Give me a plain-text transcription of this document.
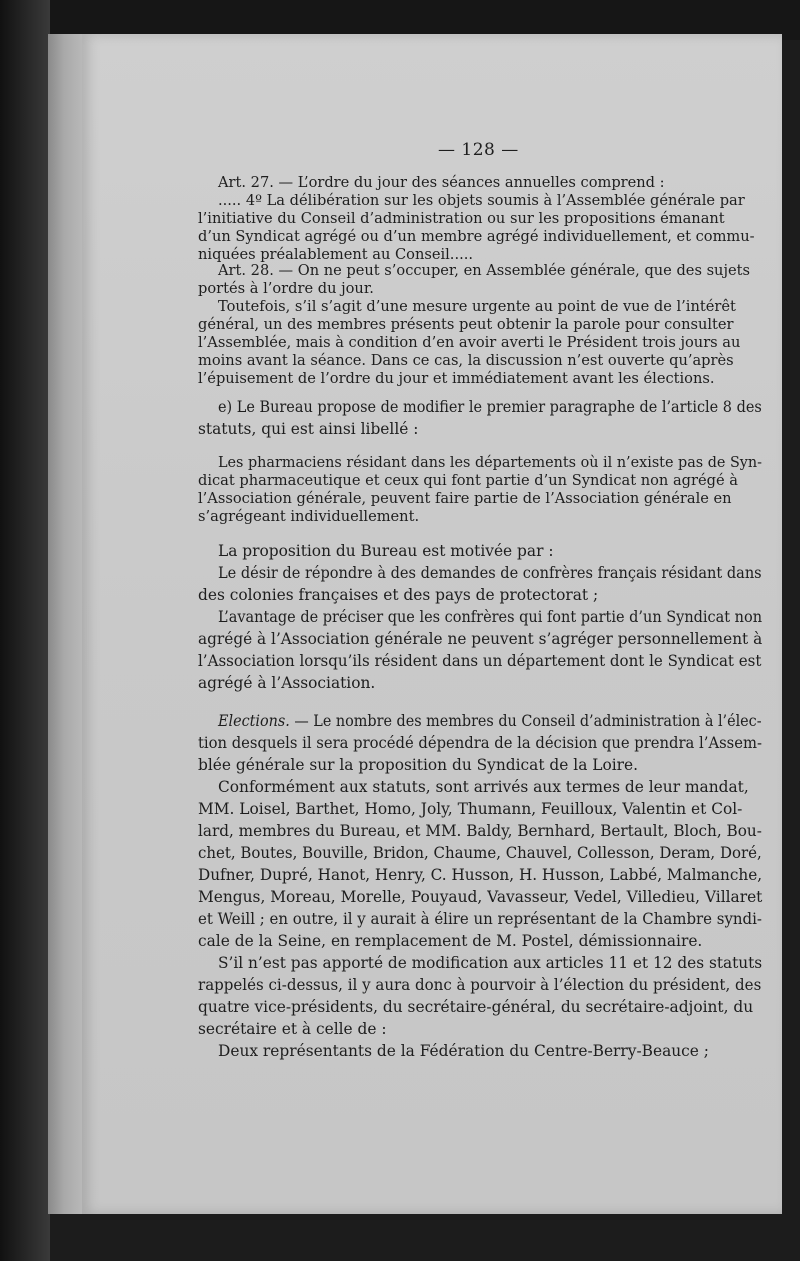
— 128 —
Art. 27. — L’ordre du jour des séances annuelles comprend :
..... 4º La délibération sur les objets soumis à l’Assemblée générale par
l’initiative du Conseil d’administration ou sur les propositions émanant
d’un Syndicat agrégé ou d’un membre agrégé individuellement, et commu-
niquées préalablement au Conseil.....
Art. 28. — On ne peut s’occuper, en Assemblée générale, que des sujets
portés à l’ordre du jour.
Toutefois, s’il s’agit d’une mesure urgente au point de vue de l’intérêt
général, un des membres présents peut obtenir la parole pour consulter
l’Assemblée, mais à condition d’en avoir averti le Président trois jours au
moins avant la séance. Dans ce cas, la discussion n’est ouverte qu’après
l’épuisement de l’ordre du jour et immédiatement avant les élections.
e) Le Bureau propose de modifier le premier paragraphe de l’article 8 des
statuts, qui est ainsi libellé :
Les pharmaciens résidant dans les départements où il n’existe pas de Syn-
dicat pharmaceutique et ceux qui font partie d’un Syndicat non agrégé à
l’Association générale, peuvent faire partie de l’Association générale en
s’agrégeant individuellement.
La proposition du Bureau est motivée par :
Le désir de répondre à des demandes de confrères français résidant dans
des colonies françaises et des pays de protectorat ;
L’avantage de préciser que les confrères qui font partie d’un Syndicat non
agrégé à l’Association générale ne peuvent s’agréger personnellement à
l’Association lorsqu’ils résident dans un département dont le Syndicat est
agrégé à l’Association.
Elections. — Le nombre des membres du Conseil d’administration à l’élec-
tion desquels il sera procédé dépendra de la décision que prendra l’Assem-
blée générale sur la proposition du Syndicat de la Loire.
Conformément aux statuts, sont arrivés aux termes de leur mandat,
MM. Loisel, Barthet, Homo, Joly, Thumann, Feuilloux, Valentin et Col-
lard, membres du Bureau, et MM. Baldy, Bernhard, Bertault, Bloch, Bou-
chet, Boutes, Bouville, Bridon, Chaume, Chauvel, Collesson, Deram, Doré,
Dufner, Dupré, Hanot, Henry, C. Husson, H. Husson, Labbé, Malmanche,
Mengus, Moreau, Morelle, Pouyaud, Vavasseur, Vedel, Villedieu, Villaret
et Weill ; en outre, il y aurait à élire un représentant de la Chambre syndi-
cale de la Seine, en remplacement de M. Postel, démissionnaire.
S’il n’est pas apporté de modification aux articles 11 et 12 des statuts
rappelés ci-dessus, il y aura donc à pourvoir à l’élection du président, des
quatre vice-présidents, du secrétaire-général, du secrétaire-adjoint, du
secrétaire et à celle de :
Deux représentants de la Fédération du Centre-Berry-Beauce ;
